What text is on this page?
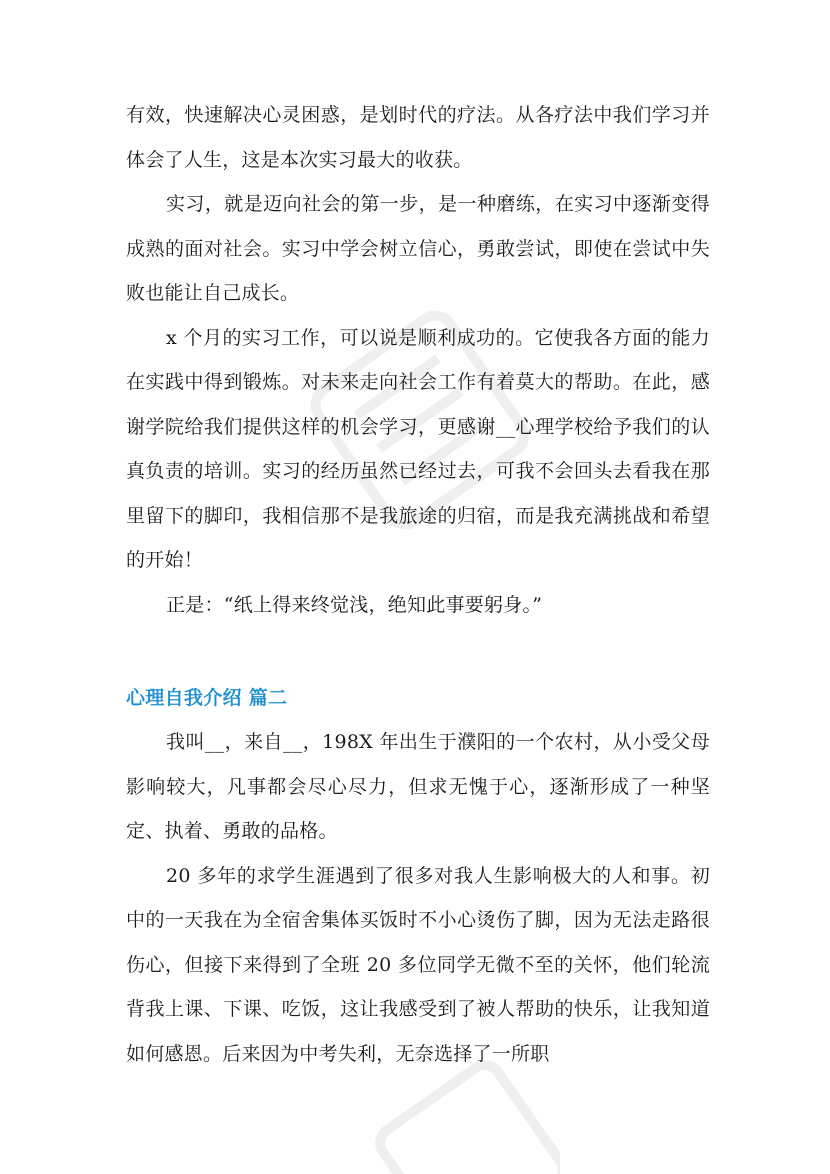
有效，快速解决心灵困惑，是划时代的疗法。从各疗法中我们学习并体会了人生，这是本次实习最大的收获。

实习，就是迈向社会的第一步，是一种磨练，在实习中逐渐变得成熟的面对社会。实习中学会树立信心，勇敢尝试，即使在尝试中失败也能让自己成长。

x 个月的实习工作，可以说是顺利成功的。它使我各方面的能力在实践中得到锻炼。对未来走向社会工作有着莫大的帮助。在此，感谢学院给我们提供这样的机会学习，更感谢__心理学校给予我们的认真负责的培训。实习的经历虽然已经过去，可我不会回头去看我在那里留下的脚印，我相信那不是我旅途的归宿，而是我充满挑战和希望的开始！

正是：“纸上得来终觉浅，绝知此事要躬身。”

心理自我介绍 篇二

我叫__，来自__，198X 年出生于濮阳的一个农村，从小受父母影响较大，凡事都会尽心尽力，但求无愧于心，逐渐形成了一种坚定、执着、勇敢的品格。

20 多年的求学生涯遇到了很多对我人生影响极大的人和事。初中的一天我在为全宿舍集体买饭时不小心烫伤了脚，因为无法走路很伤心，但接下来得到了全班 20 多位同学无微不至的关怀，他们轮流背我上课、下课、吃饭，这让我感受到了被人帮助的快乐，让我知道如何感恩。后来因为中考失利，无奈选择了一所职
